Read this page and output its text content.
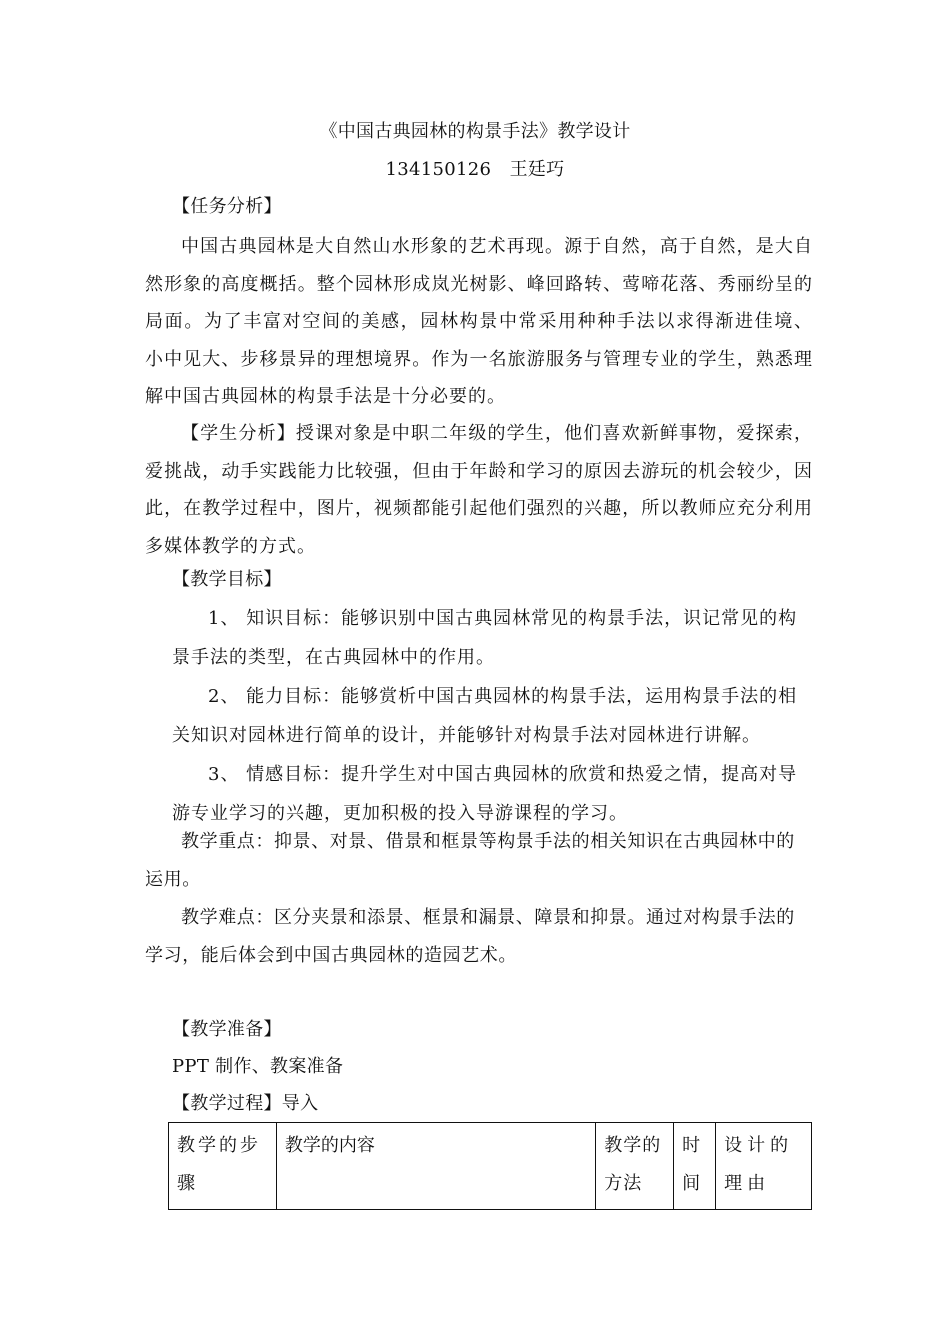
《中国古典园林的构景手法》教学设计
134150126　王廷巧
【任务分析】
中国古典园林是大自然山水形象的艺术再现。源于自然，高于自然，是大自然形象的高度概括。整个园林形成岚光树影、峰回路转、莺啼花落、秀丽纷呈的局面。为了丰富对空间的美感，园林构景中常采用种种手法以求得渐进佳境、 小中见大、步移景异的理想境界。作为一名旅游服务与管理专业的学生，熟悉理解中国古典园林的构景手法是十分必要的。
【学生分析】授课对象是中职二年级的学生，他们喜欢新鲜事物，爱探索，爱挑战，动手实践能力比较强，但由于年龄和学习的原因去游玩的机会较少，因此，在教学过程中，图片，视频都能引起他们强烈的兴趣，所以教师应充分利用多媒体教学的方式。
【教学目标】
1、 知识目标：能够识别中国古典园林常见的构景手法，识记常见的构景手法的类型，在古典园林中的作用。
2、 能力目标：能够赏析中国古典园林的构景手法，运用构景手法的相关知识对园林进行简单的设计，并能够针对构景手法对园林进行讲解。
3、 情感目标：提升学生对中国古典园林的欣赏和热爱之情，提高对导游专业学习的兴趣，更加积极的投入导游课程的学习。
教学重点：抑景、对景、借景和框景等构景手法的相关知识在古典园林中的运用。
教学难点：区分夹景和添景、框景和漏景、障景和抑景。通过对构景手法的学习，能后体会到中国古典园林的造园艺术。
【教学准备】
PPT 制作、教案准备
【教学过程】导入
教学的步骤	教学的内容	教学的方法	时间	设计的理由
